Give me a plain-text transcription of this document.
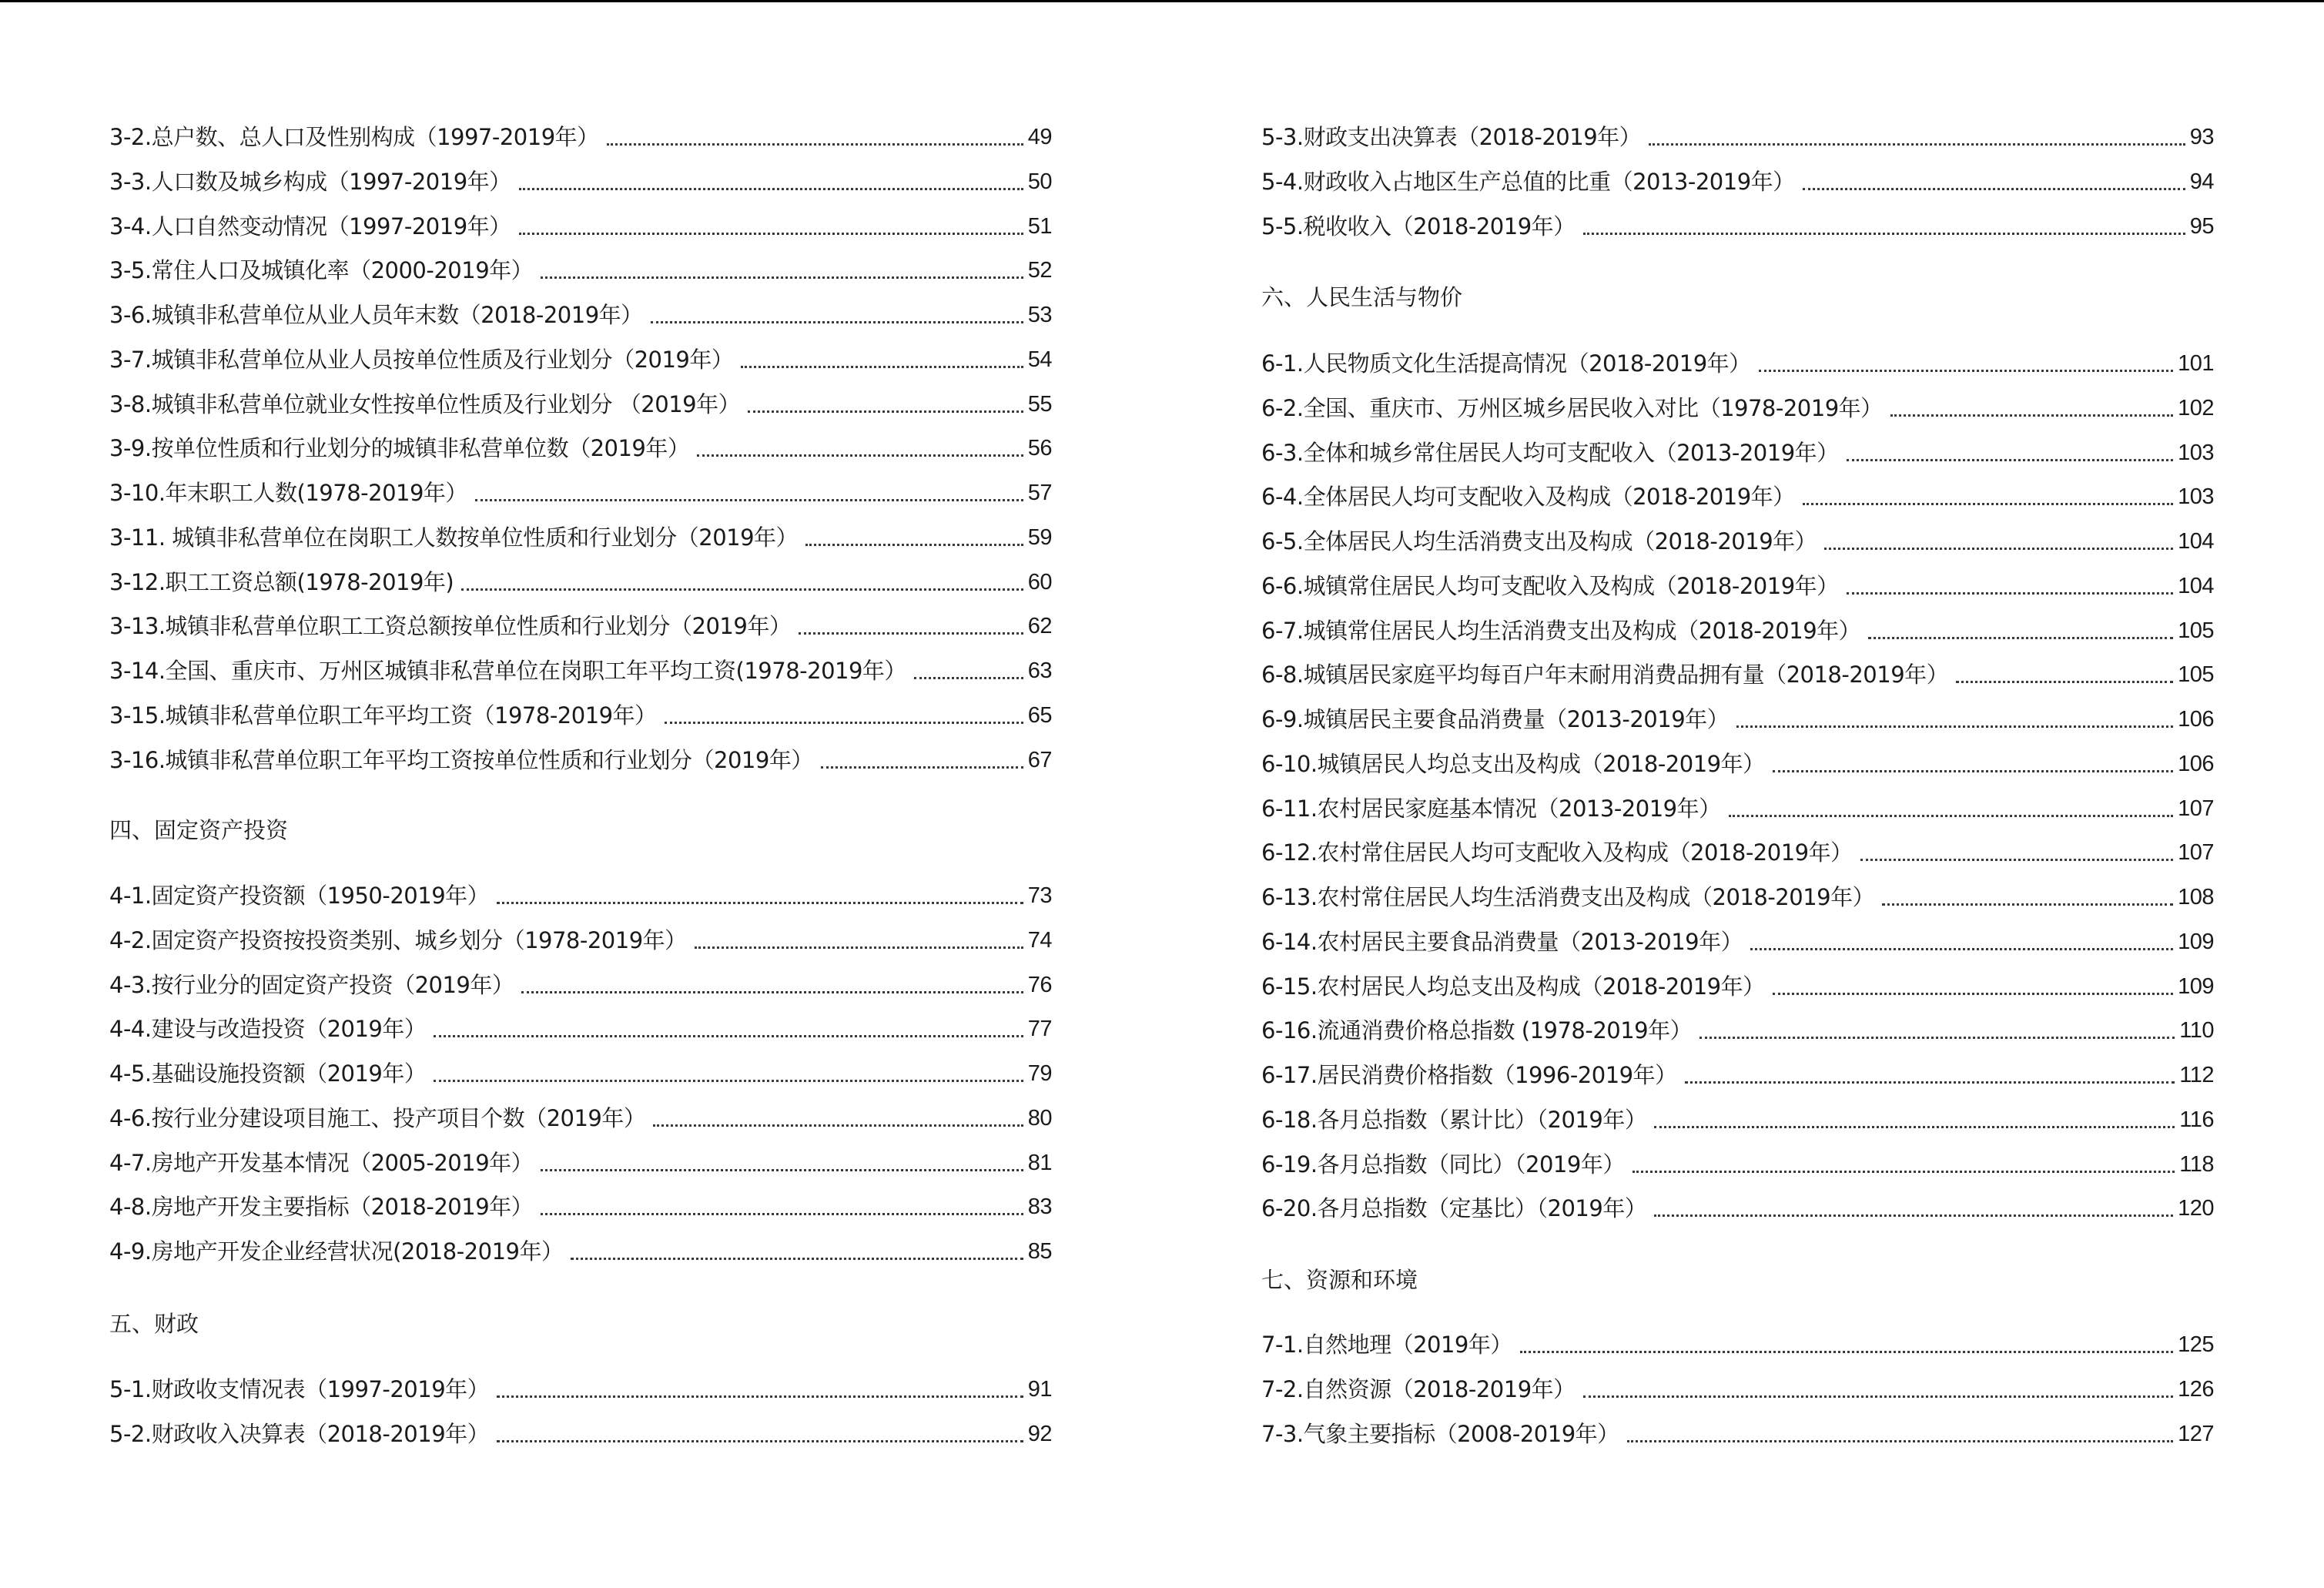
四、固定资产投资
五、财政
3-2.总户数、总人口及性别构成（1997-2019年）	49
3-3.人口数及城乡构成（1997-2019年）	50
3-4.人口自然变动情况（1997-2019年）	51
3-5.常住人口及城镇化率（2000-2019年）	52
3-6.城镇非私营单位从业人员年末数（2018-2019年）	53
3-7.城镇非私营单位从业人员按单位性质及行业划分（2019年）	54
3-8.城镇非私营单位就业女性按单位性质及行业划分 （2019年）	55
3-9.按单位性质和行业划分的城镇非私营单位数（2019年）	56
3-10.年末职工人数(1978-2019年）	57
3-11. 城镇非私营单位在岗职工人数按单位性质和行业划分（2019年）	59
3-12.职工工资总额(1978-2019年)	60
3-13.城镇非私营单位职工工资总额按单位性质和行业划分（2019年）	62
3-14.全国、重庆市、万州区城镇非私营单位在岗职工年平均工资(1978-2019年）	63
3-15.城镇非私营单位职工年平均工资（1978-2019年）	65
3-16.城镇非私营单位职工年平均工资按单位性质和行业划分（2019年）	67
4-1.固定资产投资额（1950-2019年）	73
4-2.固定资产投资按投资类别、城乡划分（1978-2019年）	74
4-3.按行业分的固定资产投资（2019年）	76
4-4.建设与改造投资（2019年）	77
4-5.基础设施投资额（2019年）	79
4-6.按行业分建设项目施工、投产项目个数（2019年）	80
4-7.房地产开发基本情况（2005-2019年）	81
4-8.房地产开发主要指标（2018-2019年）	83
4-9.房地产开发企业经营状况(2018-2019年）	85
5-1.财政收支情况表（1997-2019年）	91
5-2.财政收入决算表（2018-2019年）	92
六、人民生活与物价
七、资源和环境
5-3.财政支出决算表（2018-2019年）	93
5-4.财政收入占地区生产总值的比重（2013-2019年）	94
5-5.税收收入（2018-2019年）	95
6-1.人民物质文化生活提高情况（2018-2019年）	101
6-2.全国、重庆市、万州区城乡居民收入对比（1978-2019年）	102
6-3.全体和城乡常住居民人均可支配收入（2013-2019年）	103
6-4.全体居民人均可支配收入及构成（2018-2019年）	103
6-5.全体居民人均生活消费支出及构成（2018-2019年）	104
6-6.城镇常住居民人均可支配收入及构成（2018-2019年）	104
6-7.城镇常住居民人均生活消费支出及构成（2018-2019年）	105
6-8.城镇居民家庭平均每百户年末耐用消费品拥有量（2018-2019年）	105
6-9.城镇居民主要食品消费量（2013-2019年）	106
6-10.城镇居民人均总支出及构成（2018-2019年）	106
6-11.农村居民家庭基本情况（2013-2019年）	107
6-12.农村常住居民人均可支配收入及构成（2018-2019年）	107
6-13.农村常住居民人均生活消费支出及构成（2018-2019年）	108
6-14.农村居民主要食品消费量（2013-2019年）	109
6-15.农村居民人均总支出及构成（2018-2019年）	109
6-16.流通消费价格总指数 (1978-2019年）	110
6-17.居民消费价格指数（1996-2019年）	112
6-18.各月总指数（累计比）（2019年）	116
6-19.各月总指数（同比）（2019年）	118
6-20.各月总指数（定基比）（2019年）	120
7-1.自然地理（2019年）	125
7-2.自然资源（2018-2019年）	126
7-3.气象主要指标（2008-2019年）	127
